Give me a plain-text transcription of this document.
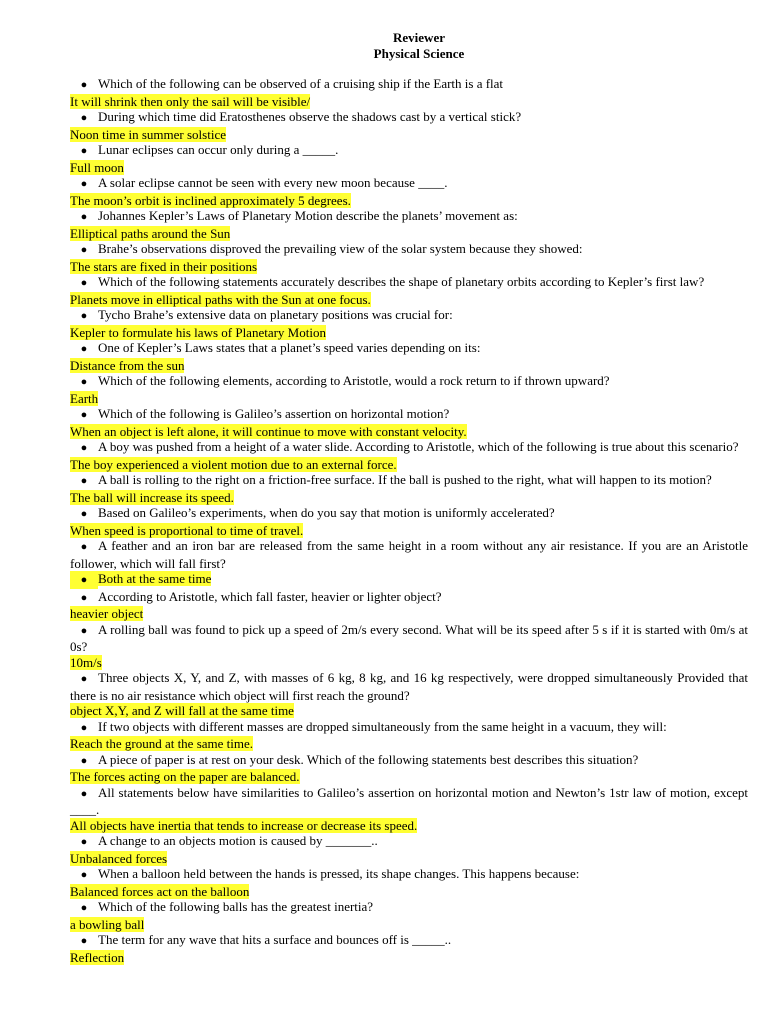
Reviewer
Physical Science
● Which of the following can be observed of a cruising ship if the Earth is a flat
It will shrink then only the sail will be visible/
● During which time did Eratosthenes observe the shadows cast by a vertical stick?
Noon time in summer solstice
● Lunar eclipses can occur only during a _____.
Full moon
● A solar eclipse cannot be seen with every new moon because ____.
The moon’s orbit is inclined approximately 5 degrees.
● Johannes Kepler’s Laws of Planetary Motion describe the planets’ movement as:
Elliptical paths around the Sun
● Brahe’s observations disproved the prevailing view of the solar system because they showed:
The stars are fixed in their positions
● Which of the following statements accurately describes the shape of planetary orbits according to Kepler’s first law?
Planets move in elliptical paths with the Sun at one focus.
● Tycho Brahe’s extensive data on planetary positions was crucial for:
Kepler to formulate his laws of Planetary Motion
● One of Kepler’s Laws states that a planet’s speed varies depending on its:
Distance from the sun
● Which of the following elements, according to Aristotle, would a rock return to if thrown upward?
Earth
● Which of the following is Galileo’s assertion on horizontal motion?
When an object is left alone, it will continue to move with constant velocity.
● A boy was pushed from a height of a water slide. According to Aristotle, which of the following is true about this scenario?
The boy experienced a violent motion due to an external force.
● A ball is rolling to the right on a friction-free surface. If the ball is pushed to the right, what will happen to its motion?
The ball will increase its speed.
● Based on Galileo’s experiments, when do you say that motion is uniformly accelerated?
When speed is proportional to time of travel.
● A feather and an iron bar are released from the same height in a room without any air resistance. If you are an Aristotle follower, which will fall first?
● Both at the same time
● According to Aristotle, which fall faster, heavier or lighter object?
heavier object
● A rolling ball was found to pick up a speed of 2m/s every second. What will be its speed after 5 s if it is started with 0m/s at 0s?
10m/s
● Three objects X, Y, and Z, with masses of 6 kg, 8 kg, and 16 kg respectively, were dropped simultaneously Provided that there is no air resistance which object will first reach the ground?
object X,Y, and Z will fall at the same time
● If two objects with different masses are dropped simultaneously from the same height in a vacuum, they will:
Reach the ground at the same time.
● A piece of paper is at rest on your desk. Which of the following statements best describes this situation?
The forces acting on the paper are balanced.
● All statements below have similarities to Galileo’s assertion on horizontal motion and Newton’s 1str law of motion, except ____.
All objects have inertia that tends to increase or decrease its speed.
● A change to an objects motion is caused by _______..
Unbalanced forces
● When a balloon held between the hands is pressed, its shape changes. This happens because:
Balanced forces act on the balloon
● Which of the following balls has the greatest inertia?
a bowling ball
● The term for any wave that hits a surface and bounces off is _____..
Reflection
